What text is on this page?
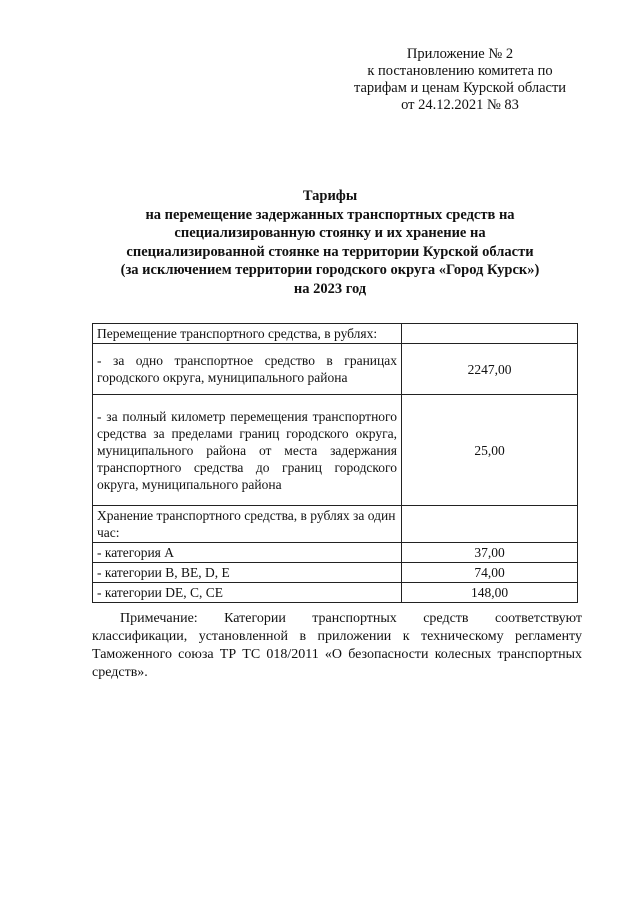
Приложение № 2
к постановлению комитета по
тарифам и ценам Курской области
от 24.12.2021 № 83
Тарифы
на перемещение задержанных транспортных средств на
специализированную стоянку и их хранение на
специализированной стоянке на территории Курской области
(за исключением территории городского округа «Город Курск»)
на 2023 год
Перемещение транспортного средства, в рублях:	
- за одно транспортное средство в границах городского округа, муниципального района	2247,00
- за полный километр перемещения транспортного средства за пределами границ городского округа, муниципального района от места задержания транспортного средства до границ городского округа, муниципального района	25,00
Хранение транспортного средства, в рублях за один час:	
- категория А	37,00
- категории B, BE, D, E	74,00
- категории DE, C, CE	148,00
Примечание: Категории транспортных средств соответствуют классификации, установленной в приложении к техническому регламенту Таможенного союза ТР ТС 018/2011 «О безопасности колесных транспортных средств».
